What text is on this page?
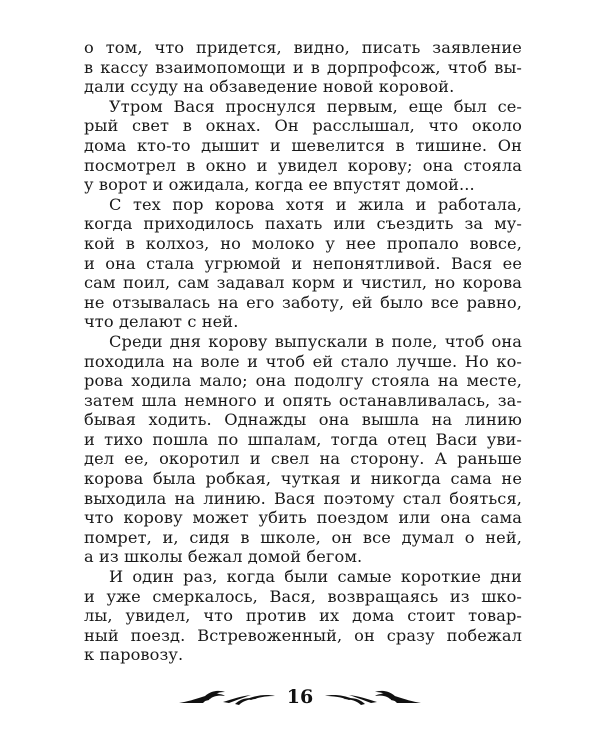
о том, что придется, видно, писать заявление
в кассу взаимопомощи и в дорпрофсож, чтоб вы-
дали ссуду на обзаведение новой коровой.
Утром Вася проснулся первым, еще был се-
рый свет в окнах. Он расслышал, что около
дома кто-то дышит и шевелится в тишине. Он
посмотрел в окно и увидел корову; она стояла
у ворот и ожидала, когда ее впустят домой...
С тех пор корова хотя и жила и работала,
когда приходилось пахать или съездить за му-
кой в колхоз, но молоко у нее пропало вовсе,
и она стала угрюмой и непонятливой. Вася ее
сам поил, сам задавал корм и чистил, но корова
не отзывалась на его заботу, ей было все равно,
что делают с ней.
Среди дня корову выпускали в поле, чтоб она
походила на воле и чтоб ей стало лучше. Но ко-
рова ходила мало; она подолгу стояла на месте,
затем шла немного и опять останавливалась, за-
бывая ходить. Однажды она вышла на линию
и тихо пошла по шпалам, тогда отец Васи уви-
дел ее, окоротил и свел на сторону. А раньше
корова была робкая, чуткая и никогда сама не
выходила на линию. Вася поэтому стал бояться,
что корову может убить поездом или она сама
помрет, и, сидя в школе, он все думал о ней,
а из школы бежал домой бегом.
И один раз, когда были самые короткие дни
и уже смеркалось, Вася, возвращаясь из шко-
лы, увидел, что против их дома стоит товар-
ный поезд. Встревоженный, он сразу побежал
к паровозу.
16
